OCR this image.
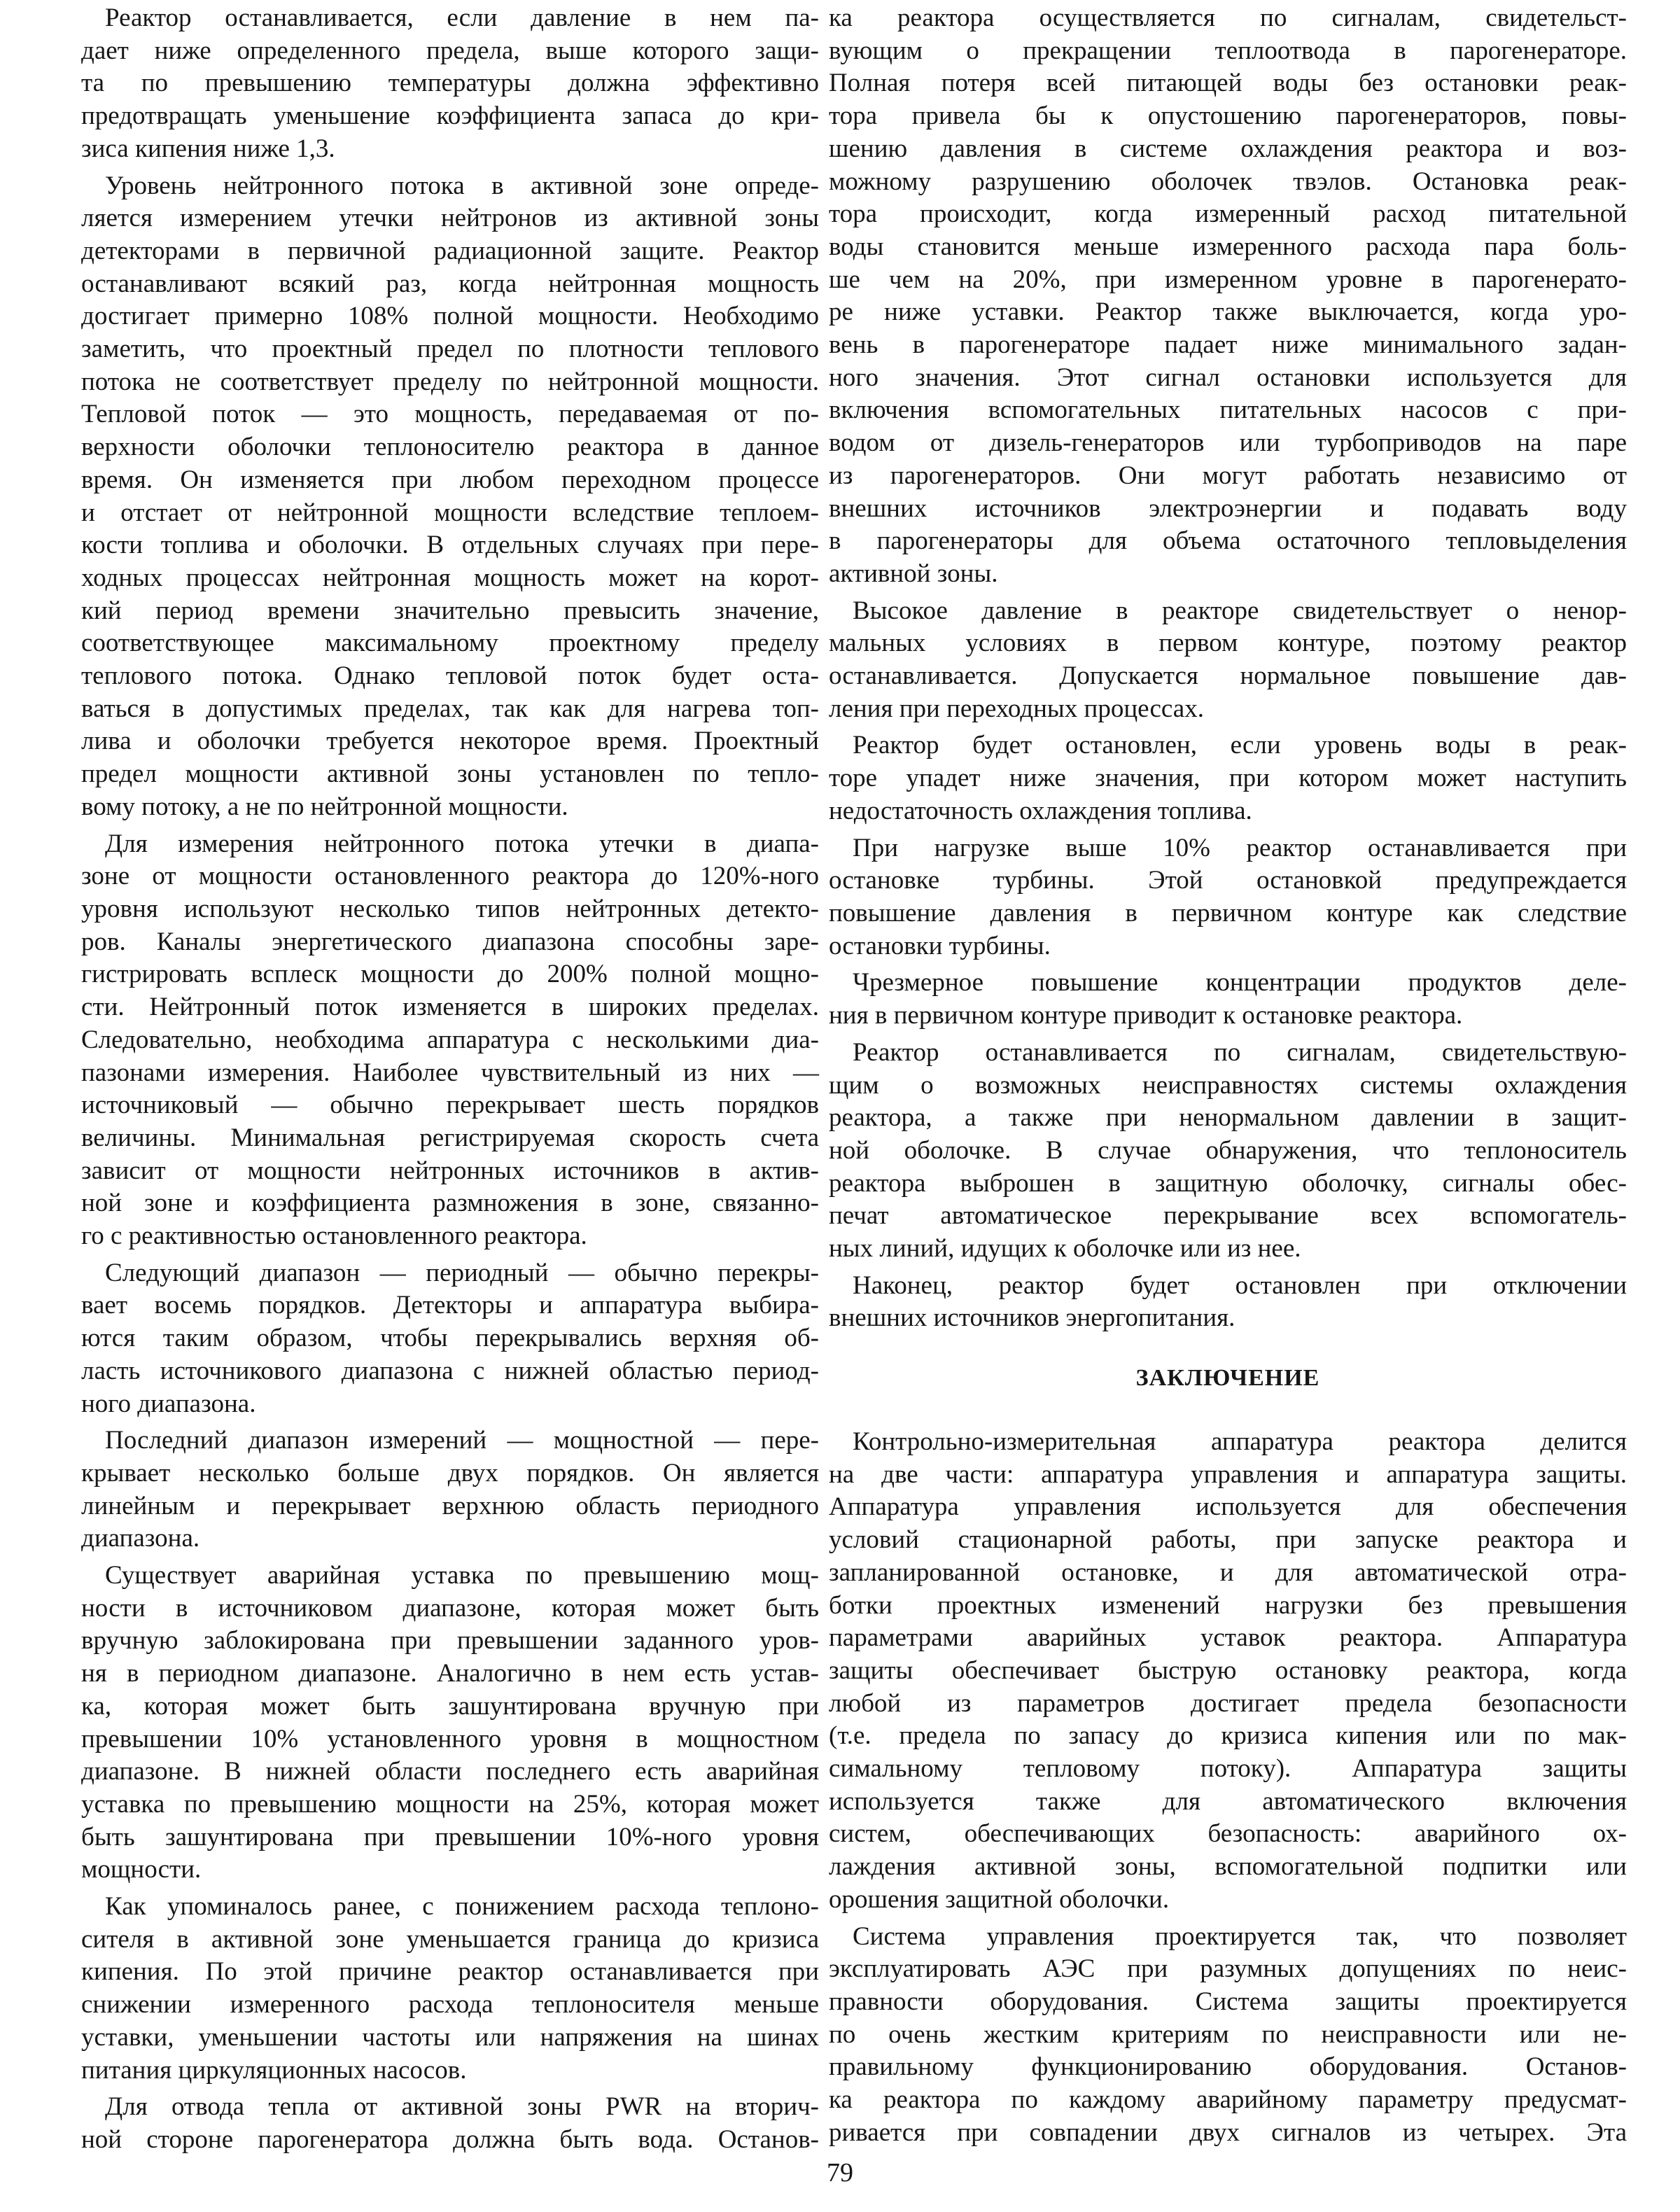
Реактор останавливается, если давление в нем па-
дает ниже определенного предела, выше которого защи-
та по превышению температуры должна эффективно
предотвращать уменьшение коэффициента запаса до кри-
зиса кипения ниже 1,3.
Уровень нейтронного потока в активной зоне опреде-
ляется измерением утечки нейтронов из активной зоны
детекторами в первичной радиационной защите. Реактор
останавливают всякий раз, когда нейтронная мощность
достигает примерно 108% полной мощности. Необходимо
заметить, что проектный предел по плотности теплового
потока не соответствует пределу по нейтронной мощности.
Тепловой поток — это мощность, передаваемая от по-
верхности оболочки теплоносителю реактора в данное
время. Он изменяется при любом переходном процессе
и отстает от нейтронной мощности вследствие теплоем-
кости топлива и оболочки. В отдельных случаях при пере-
ходных процессах нейтронная мощность может на корот-
кий период времени значительно превысить значение,
соответствующее максимальному проектному пределу
теплового потока. Однако тепловой поток будет оста-
ваться в допустимых пределах, так как для нагрева топ-
лива и оболочки требуется некоторое время. Проектный
предел мощности активной зоны установлен по тепло-
вому потоку, а не по нейтронной мощности.
Для измерения нейтронного потока утечки в диапа-
зоне от мощности остановленного реактора до 120%-ного
уровня используют несколько типов нейтронных детекто-
ров. Каналы энергетического диапазона способны заре-
гистрировать всплеск мощности до 200% полной мощно-
сти. Нейтронный поток изменяется в широких пределах.
Следовательно, необходима аппаратура с несколькими диа-
пазонами измерения. Наиболее чувствительный из них —
источниковый — обычно перекрывает шесть порядков
величины. Минимальная регистрируемая скорость счета
зависит от мощности нейтронных источников в актив-
ной зоне и коэффициента размножения в зоне, связанно-
го с реактивностью остановленного реактора.
Следующий диапазон — периодный — обычно перекры-
вает восемь порядков. Детекторы и аппаратура выбира-
ются таким образом, чтобы перекрывались верхняя об-
ласть источникового диапазона с нижней областью период-
ного диапазона.
Последний диапазон измерений — мощностной — пере-
крывает несколько больше двух порядков. Он является
линейным и перекрывает верхнюю область периодного
диапазона.
Существует аварийная уставка по превышению мощ-
ности в источниковом диапазоне, которая может быть
вручную заблокирована при превышении заданного уров-
ня в периодном диапазоне. Аналогично в нем есть устав-
ка, которая может быть зашунтирована вручную при
превышении 10% установленного уровня в мощностном
диапазоне. В нижней области последнего есть аварийная
уставка по превышению мощности на 25%, которая может
быть зашунтирована при превышении 10%-ного уровня
мощности.
Как упоминалось ранее, с понижением расхода теплоно-
сителя в активной зоне уменьшается граница до кризиса
кипения. По этой причине реактор останавливается при
снижении измеренного расхода теплоносителя меньше
уставки, уменьшении частоты или напряжения на шинах
питания циркуляционных насосов.
Для отвода тепла от активной зоны PWR на вторич-
ной стороне парогенератора должна быть вода. Останов-
ка реактора осуществляется по сигналам, свидетельст-
вующим о прекращении теплоотвода в парогенераторе.
Полная потеря всей питающей воды без остановки реак-
тора привела бы к опустошению парогенераторов, повы-
шению давления в системе охлаждения реактора и воз-
можному разрушению оболочек твэлов. Остановка реак-
тора происходит, когда измеренный расход питательной
воды становится меньше измеренного расхода пара боль-
ше чем на 20%, при измеренном уровне в парогенерато-
ре ниже уставки. Реактор также выключается, когда уро-
вень в парогенераторе падает ниже минимального задан-
ного значения. Этот сигнал остановки используется для
включения вспомогательных питательных насосов с при-
водом от дизель-генераторов или турбоприводов на паре
из парогенераторов. Они могут работать независимо от
внешних источников электроэнергии и подавать воду
в парогенераторы для объема остаточного тепловыделения
активной зоны.
Высокое давление в реакторе свидетельствует о ненор-
мальных условиях в первом контуре, поэтому реактор
останавливается. Допускается нормальное повышение дав-
ления при переходных процессах.
Реактор будет остановлен, если уровень воды в реак-
торе упадет ниже значения, при котором может наступить
недостаточность охлаждения топлива.
При нагрузке выше 10% реактор останавливается при
остановке турбины. Этой остановкой предупреждается
повышение давления в первичном контуре как следствие
остановки турбины.
Чрезмерное повышение концентрации продуктов деле-
ния в первичном контуре приводит к остановке реактора.
Реактор останавливается по сигналам, свидетельствую-
щим о возможных неисправностях системы охлаждения
реактора, а также при ненормальном давлении в защит-
ной оболочке. В случае обнаружения, что теплоноситель
реактора выброшен в защитную оболочку, сигналы обес-
печат автоматическое перекрывание всех вспомогатель-
ных линий, идущих к оболочке или из нее.
Наконец, реактор будет остановлен при отключении
внешних источников энергопитания.
ЗАКЛЮЧЕНИЕ
Контрольно-измерительная аппаратура реактора делится
на две части: аппаратура управления и аппаратура защиты.
Аппаратура управления используется для обеспечения
условий стационарной работы, при запуске реактора и
запланированной остановке, и для автоматической отра-
ботки проектных изменений нагрузки без превышения
параметрами аварийных уставок реактора. Аппаратура
защиты обеспечивает быструю остановку реактора, когда
любой из параметров достигает предела безопасности
(т.е. предела по запасу до кризиса кипения или по мак-
симальному тепловому потоку). Аппаратура защиты
используется также для автоматического включения
систем, обеспечивающих безопасность: аварийного ох-
лаждения активной зоны, вспомогательной подпитки или
орошения защитной оболочки.
Система управления проектируется так, что позволяет
эксплуатировать АЭС при разумных допущениях по неис-
правности оборудования. Система защиты проектируется
по очень жестким критериям по неисправности или не-
правильному функционированию оборудования. Останов-
ка реактора по каждому аварийному параметру предусмат-
ривается при совпадении двух сигналов из четырех. Эта
79
